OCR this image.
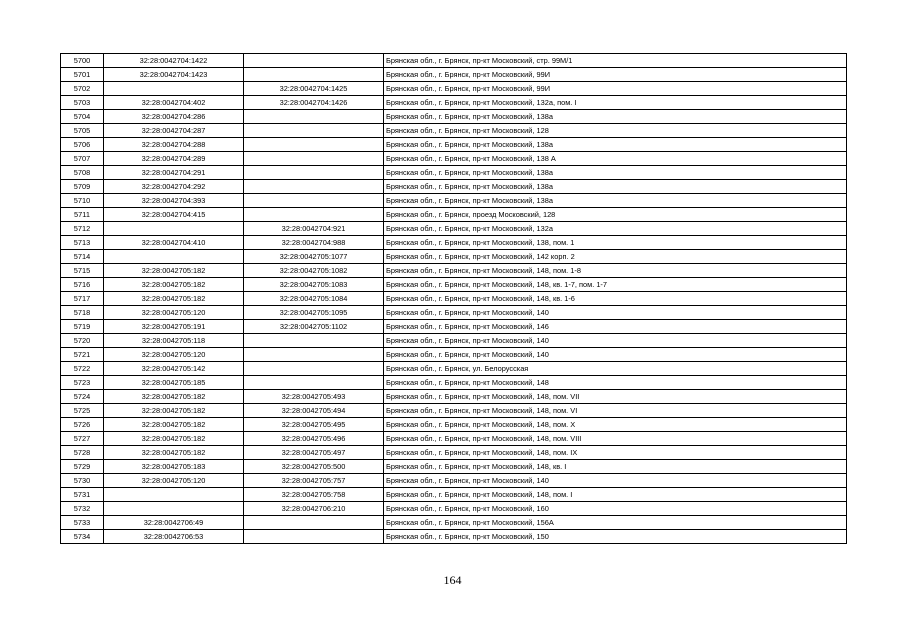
5700	32:28:0042704:1422		Брянская обл., г. Брянск, пр-кт Московский, стр. 99М/1
5701	32:28:0042704:1423		Брянская обл., г. Брянск, пр-кт Московский, 99И
5702		32:28:0042704:1425	Брянская обл., г. Брянск, пр-кт Московский, 99И
5703	32:28:0042704:402	32:28:0042704:1426	Брянская обл., г. Брянск, пр-кт Московский, 132а, пом. I
5704	32:28:0042704:286		Брянская обл., г. Брянск, пр-кт Московский, 138а
5705	32:28:0042704:287		Брянская обл., г. Брянск, пр-кт Московский, 128
5706	32:28:0042704:288		Брянская обл., г. Брянск, пр-кт Московский, 138а
5707	32:28:0042704:289		Брянская обл., г. Брянск, пр-кт Московский, 138 А
5708	32:28:0042704:291		Брянская обл., г. Брянск, пр-кт Московский, 138а
5709	32:28:0042704:292		Брянская обл., г. Брянск, пр-кт Московский, 138а
5710	32:28:0042704:393		Брянская обл., г. Брянск, пр-кт Московский, 138а
5711	32:28:0042704:415		Брянская обл., г. Брянск, проезд Московский, 128
5712		32:28:0042704:921	Брянская обл., г. Брянск, пр-кт Московский, 132а
5713	32:28:0042704:410	32:28:0042704:988	Брянская обл., г. Брянск, пр-кт Московский, 138, пом. 1
5714		32:28:0042705:1077	Брянская обл., г. Брянск, пр-кт Московский, 142 корп. 2
5715	32:28:0042705:182	32:28:0042705:1082	Брянская обл., г. Брянск, пр-кт Московский, 148, пом. 1-8
5716	32:28:0042705:182	32:28:0042705:1083	Брянская обл., г. Брянск, пр-кт Московский, 148, кв. 1-7, пом. 1-7
5717	32:28:0042705:182	32:28:0042705:1084	Брянская обл., г. Брянск, пр-кт Московский, 148, кв. 1-6
5718	32:28:0042705:120	32:28:0042705:1095	Брянская обл., г. Брянск, пр-кт Московский, 140
5719	32:28:0042705:191	32:28:0042705:1102	Брянская обл., г. Брянск, пр-кт Московский, 146
5720	32:28:0042705:118		Брянская обл., г. Брянск, пр-кт Московский, 140
5721	32:28:0042705:120		Брянская обл., г. Брянск, пр-кт Московский, 140
5722	32:28:0042705:142		Брянская обл., г. Брянск, ул. Белорусская
5723	32:28:0042705:185		Брянская обл., г. Брянск, пр-кт Московский, 148
5724	32:28:0042705:182	32:28:0042705:493	Брянская обл., г. Брянск, пр-кт Московский, 148, пом. VII
5725	32:28:0042705:182	32:28:0042705:494	Брянская обл., г. Брянск, пр-кт Московский, 148, пом. VI
5726	32:28:0042705:182	32:28:0042705:495	Брянская обл., г. Брянск, пр-кт Московский, 148, пом. X
5727	32:28:0042705:182	32:28:0042705:496	Брянская обл., г. Брянск, пр-кт Московский, 148, пом. VIII
5728	32:28:0042705:182	32:28:0042705:497	Брянская обл., г. Брянск, пр-кт Московский, 148, пом. IX
5729	32:28:0042705:183	32:28:0042705:500	Брянская обл., г. Брянск, пр-кт Московский, 148, кв. I
5730	32:28:0042705:120	32:28:0042705:757	Брянская обл., г. Брянск, пр-кт Московский, 140
5731		32:28:0042705:758	Брянская обл., г. Брянск, пр-кт Московский, 148, пом. I
5732		32:28:0042706:210	Брянская обл., г. Брянск, пр-кт Московский, 160
5733	32:28:0042706:49		Брянская обл., г. Брянск, пр-кт Московский, 156А
5734	32:28:0042706:53		Брянская обл., г. Брянск, пр-кт Московский, 150
164
